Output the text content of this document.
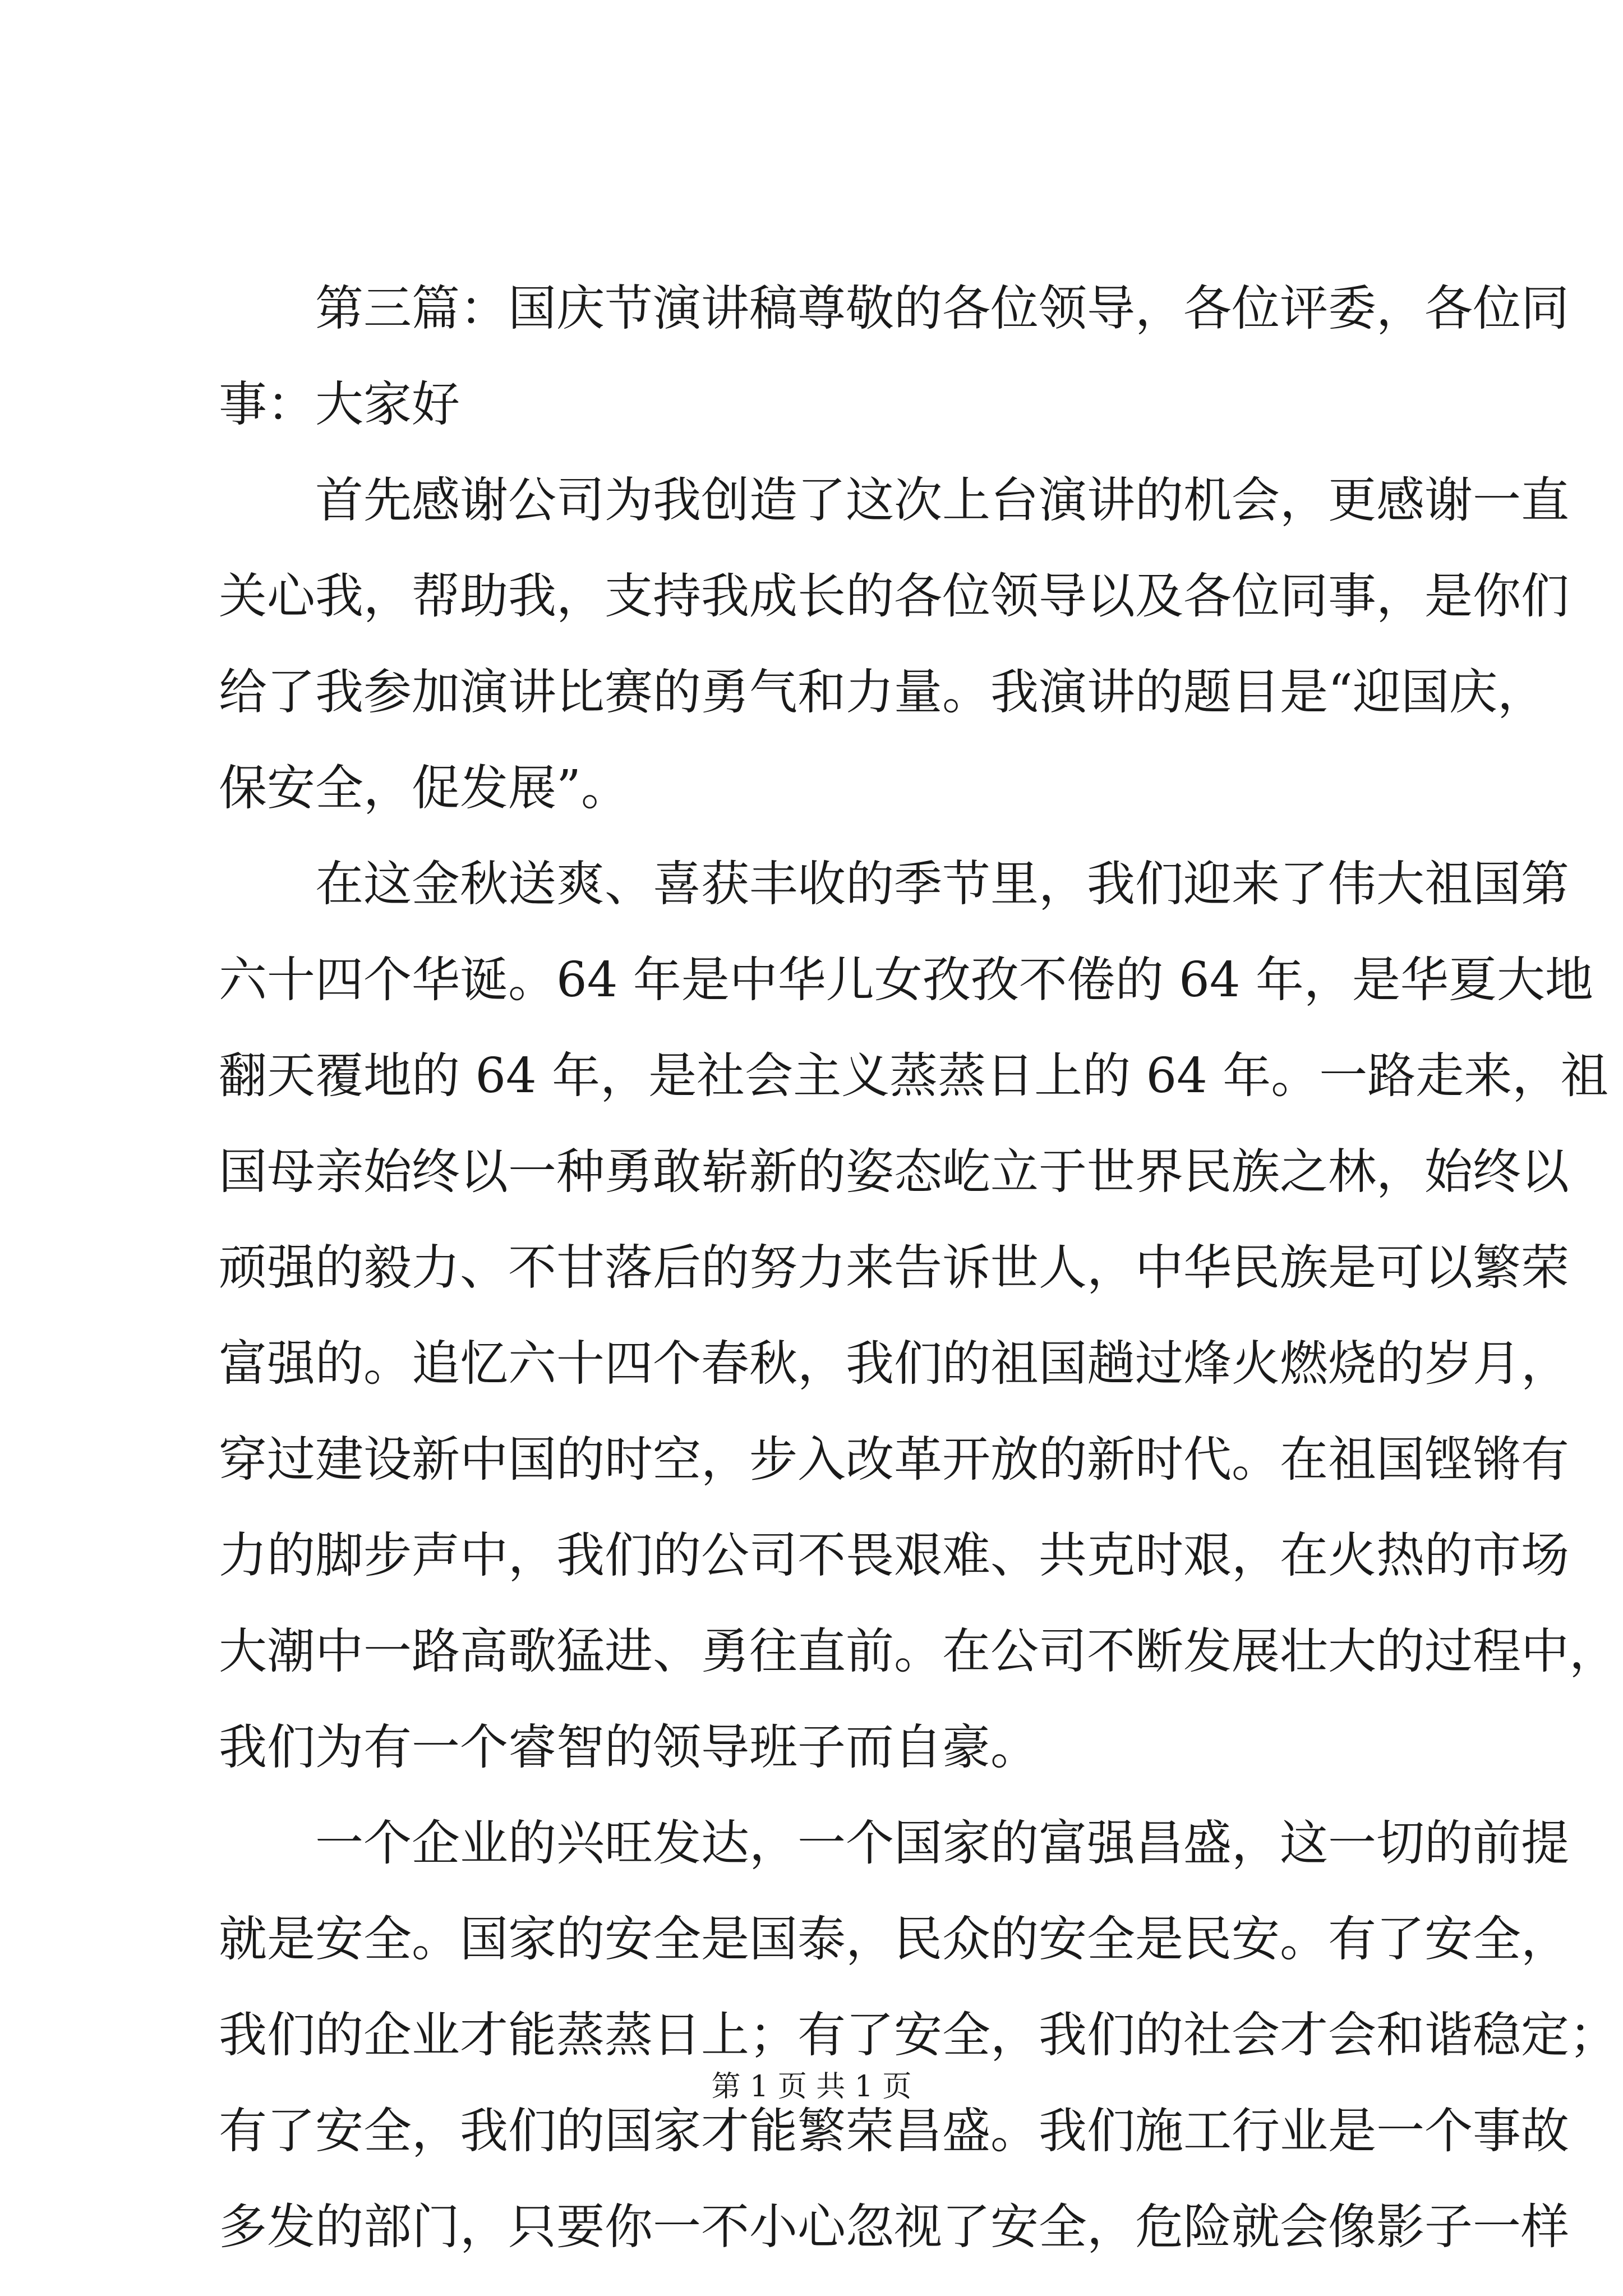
第三篇：国庆节演讲稿尊敬的各位领导，各位评委，各位同
事：大家好
首先感谢公司为我创造了这次上台演讲的机会，更感谢一直
关心我，帮助我，支持我成长的各位领导以及各位同事，是你们
给了我参加演讲比赛的勇气和力量。我演讲的题目是“迎国庆，
保安全，促发展”。
在这金秋送爽、喜获丰收的季节里，我们迎来了伟大祖国第
六十四个华诞。64 年是中华儿女孜孜不倦的 64 年，是华夏大地
翻天覆地的 64 年，是社会主义蒸蒸日上的 64 年。一路走来，祖
国母亲始终以一种勇敢崭新的姿态屹立于世界民族之林，始终以
顽强的毅力、不甘落后的努力来告诉世人，中华民族是可以繁荣
富强的。追忆六十四个春秋，我们的祖国趟过烽火燃烧的岁月，
穿过建设新中国的时空，步入改革开放的新时代。在祖国铿锵有
力的脚步声中，我们的公司不畏艰难、共克时艰，在火热的市场
大潮中一路高歌猛进、勇往直前。在公司不断发展壮大的过程中，
我们为有一个睿智的领导班子而自豪。
一个企业的兴旺发达，一个国家的富强昌盛，这一切的前提
就是安全。国家的安全是国泰，民众的安全是民安。有了安全，
我们的企业才能蒸蒸日上；有了安全，我们的社会才会和谐稳定；
有了安全，我们的国家才能繁荣昌盛。我们施工行业是一个事故
多发的部门，只要你一不小心忽视了安全，危险就会像影子一样
第 1 页 共 1 页
